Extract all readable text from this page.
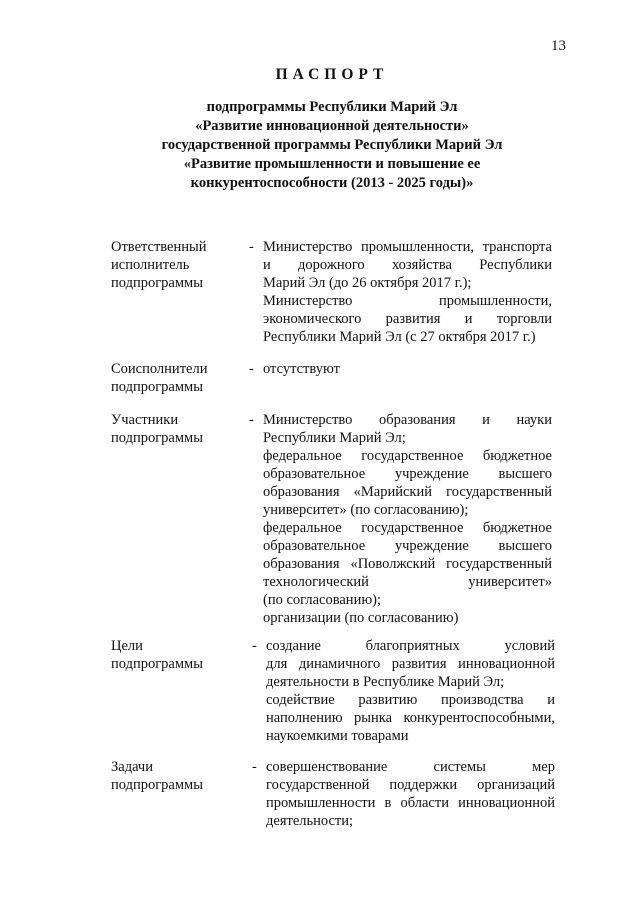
13
ПАСПОРТ
подпрограммы Республики Марий Эл
«Развитие инновационной деятельности»
государственной программы Республики Марий Эл
«Развитие промышленности и повышение ее
конкурентоспособности (2013 - 2025 годы)»
Ответственный
исполнитель
подпрограммы
- Министерство промышленности, транспорта
и дорожного хозяйства Республики
Марий Эл (до 26 октября 2017 г.);
Министерство промышленности,
экономического развития и торговли
Республики Марий Эл (с 27 октября 2017 г.)
Соисполнители
подпрограммы
- отсутствуют
Участники
подпрограммы
- Министерство образования и науки
Республики Марий Эл;
федеральное государственное бюджетное
образовательное учреждение высшего
образования «Марийский государственный
университет» (по согласованию);
федеральное государственное бюджетное
образовательное учреждение высшего
образования «Поволжский государственный
технологический университет»
(по согласованию);
организации (по согласованию)
Цели
подпрограммы
- создание благоприятных условий
для динамичного развития инновационной
деятельности в Республике Марий Эл;
содействие развитию производства и
наполнению рынка конкурентоспособными,
наукоемкими товарами
Задачи
подпрограммы
- совершенствование системы мер
государственной поддержки организаций
промышленности в области инновационной
деятельности;
